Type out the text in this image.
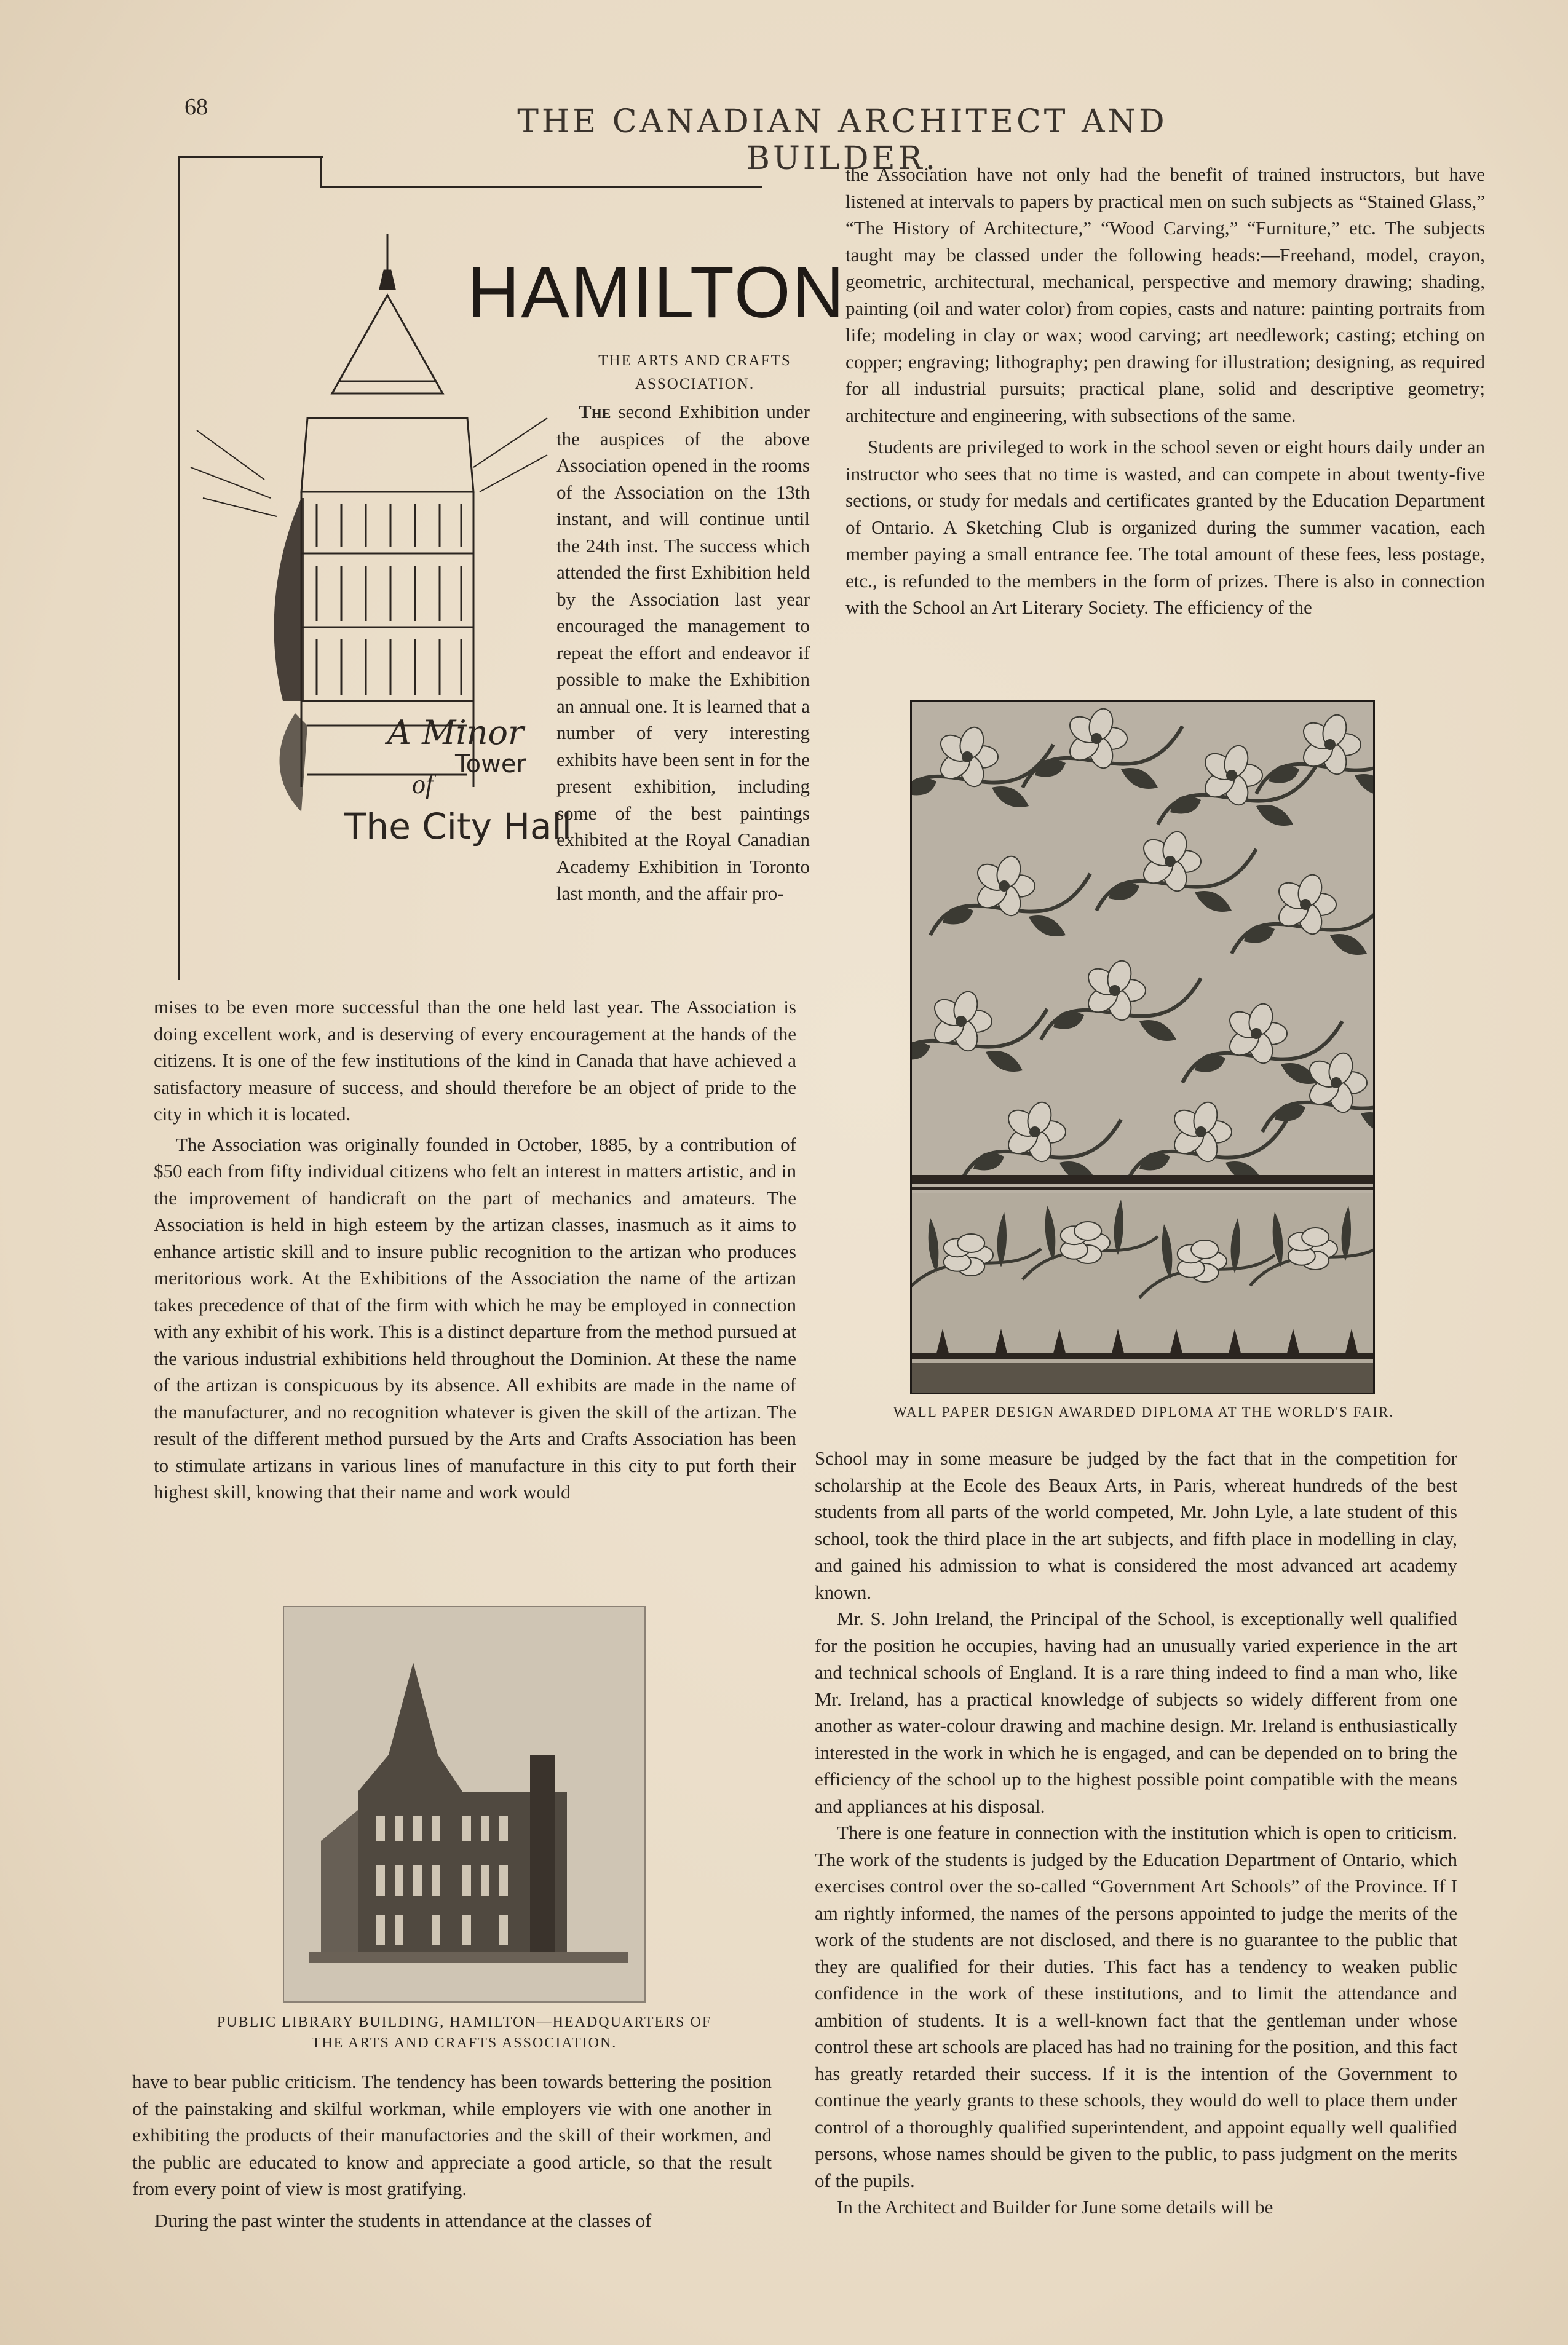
68	THE CANADIAN ARCHITECT AND BUILDER.
HAMILTON
A Minor
Tower
of
The City Hall
THE ARTS AND CRAFTS
ASSOCIATION.

The second Exhibition under the auspices of the above Association opened in the rooms of the Association on the 13th instant, and will continue until the 24th inst. The success which attended the first Exhibition held by the Association last year encouraged the management to repeat the effort and endeavor if possible to make the Exhibition an annual one. It is learned that a number of very interesting exhibits have been sent in for the present exhibition, including some of the best paintings exhibited at the Royal Canadian Academy Exhibition in Toronto last month, and the affair pro-

mises to be even more successful than the one held last year. The Association is doing excellent work, and is deserving of every encouragement at the hands of the citizens. It is one of the few institutions of the kind in Canada that have achieved a satisfactory measure of success, and should therefore be an object of pride to the city in which it is located.

The Association was originally founded in October, 1885, by a contribution of $50 each from fifty individual citizens who felt an interest in matters artistic, and in the improvement of handicraft on the part of mechanics and amateurs. The Association is held in high esteem by the artizan classes, inasmuch as it aims to enhance artistic skill and to insure public recognition to the artizan who produces meritorious work. At the Exhibitions of the Association the name of the artizan takes precedence of that of the firm with which he may be employed in connection with any exhibit of his work. This is a distinct departure from the method pursued at the various industrial exhibitions held throughout the Dominion. At these the name of the artizan is conspicuous by its absence. All exhibits are made in the name of the manufacturer, and no recognition whatever is given the skill of the artizan. The result of the different method pursued by the Arts and Crafts Association has been to stimulate artizans in various lines of manufacture in this city to put forth their highest skill, knowing that their name and work would

PUBLIC LIBRARY BUILDING, HAMILTON—HEADQUARTERS OF
THE ARTS AND CRAFTS ASSOCIATION.

have to bear public criticism. The tendency has been towards bettering the position of the painstaking and skilful workman, while employers vie with one another in exhibiting the products of their manufactories and the skill of their workmen, and the public are educated to know and appreciate a good article, so that the result from every point of view is most gratifying.

During the past winter the students in attendance at the classes of

the Association have not only had the benefit of trained instructors, but have listened at intervals to papers by practical men on such subjects as “Stained Glass,” “The History of Architecture,” “Wood Carving,” “Furniture,” etc. The subjects taught may be classed under the following heads:—Freehand, model, crayon, geometric, architectural, mechanical, perspective and memory drawing; shading, painting (oil and water color) from copies, casts and nature: painting portraits from life; modeling in clay or wax; wood carving; art needlework; casting; etching on copper; engraving; lithography; pen drawing for illustration; designing, as required for all industrial pursuits; practical plane, solid and descriptive geometry; architecture and engineering, with subsections of the same.

Students are privileged to work in the school seven or eight hours daily under an instructor who sees that no time is wasted, and can compete in about twenty-five sections, or study for medals and certificates granted by the Education Department of Ontario. A Sketching Club is organized during the summer vacation, each member paying a small entrance fee. The total amount of these fees, less postage, etc., is refunded to the members in the form of prizes. There is also in connection with the School an Art Literary Society. The efficiency of the

WALL PAPER DESIGN AWARDED DIPLOMA AT THE WORLD'S FAIR.

School may in some measure be judged by the fact that in the competition for scholarship at the Ecole des Beaux Arts, in Paris, whereat hundreds of the best students from all parts of the world competed, Mr. John Lyle, a late student of this school, took the third place in the art subjects, and fifth place in modelling in clay, and gained his admission to what is considered the most advanced art academy known.

Mr. S. John Ireland, the Principal of the School, is exceptionally well qualified for the position he occupies, having had an unusually varied experience in the art and technical schools of England. It is a rare thing indeed to find a man who, like Mr. Ireland, has a practical knowledge of subjects so widely different from one another as water-colour drawing and machine design. Mr. Ireland is enthusiastically interested in the work in which he is engaged, and can be depended on to bring the efficiency of the school up to the highest possible point compatible with the means and appliances at his disposal.

There is one feature in connection with the institution which is open to criticism. The work of the students is judged by the Education Department of Ontario, which exercises control over the so-called “Government Art Schools” of the Province. If I am rightly informed, the names of the persons appointed to judge the merits of the work of the students are not disclosed, and there is no guarantee to the public that they are qualified for their duties. This fact has a tendency to weaken public confidence in the work of these institutions, and to limit the attendance and ambition of students. It is a well-known fact that the gentleman under whose control these art schools are placed has had no training for the position, and this fact has greatly retarded their success. If it is the intention of the Government to continue the yearly grants to these schools, they would do well to place them under control of a thoroughly qualified superintendent, and appoint equally well qualified persons, whose names should be given to the public, to pass judgment on the merits of the pupils.

In the Architect and Builder for June some details will be
